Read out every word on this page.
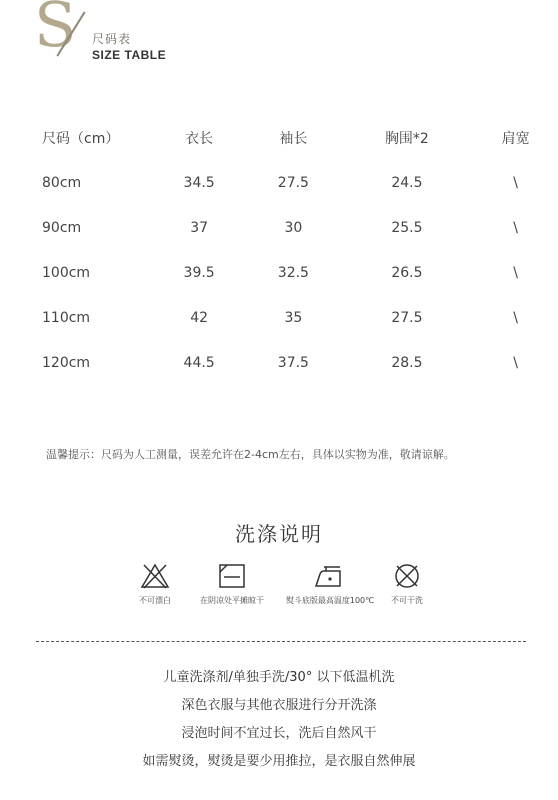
S 尺码表
SIZE TABLE
尺码（cm）	衣长	袖长	胸围*2	肩宽
80cm	34.5	27.5	24.5	\
90cm	37	30	25.5	\
100cm	39.5	32.5	26.5	\
110cm	42	35	27.5	\
120cm	44.5	37.5	28.5	\
温馨提示：尺码为人工测量，误差允许在2-4cm左右，具体以实物为准，敬请谅解。
洗涤说明
不可漂白	在阴凉处平摊晾干	熨斗底版最高温度100℃	不可干洗
儿童洗涤剂/单独手洗/30° 以下低温机洗
深色衣服与其他衣服进行分开洗涤
浸泡时间不宜过长，洗后自然风干
如需熨烫，熨烫是要少用推拉，是衣服自然伸展
